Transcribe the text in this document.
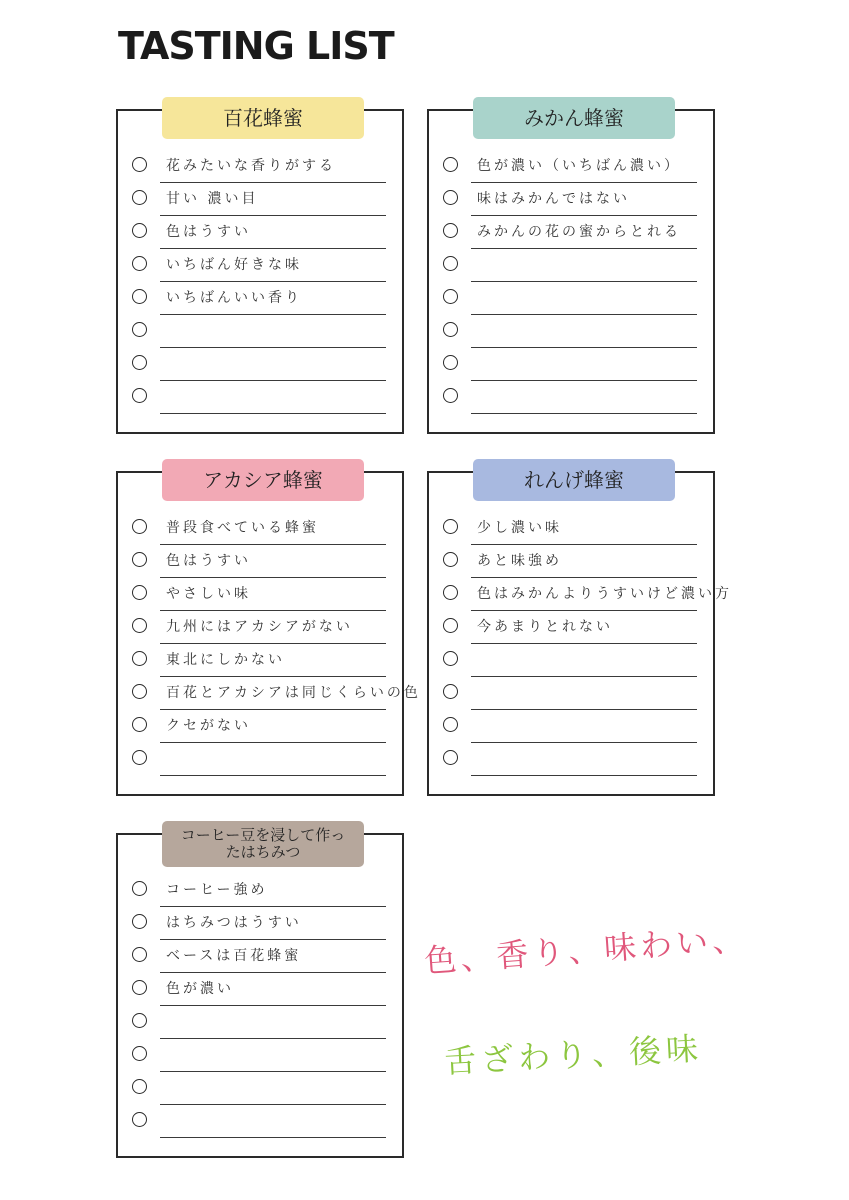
TASTING LIST
百花蜂蜜
花みたいな香りがする
甘い 濃い目
色はうすい
いちばん好きな味
いちばんいい香り
みかん蜂蜜
色が濃い（いちばん濃い）
味はみかんではない
みかんの花の蜜からとれる
アカシア蜂蜜
普段食べている蜂蜜
色はうすい
やさしい味
九州にはアカシアがない
東北にしかない
百花とアカシアは同じくらいの色
クセがない
れんげ蜂蜜
少し濃い味
あと味強め
色はみかんよりうすいけど濃い方
今あまりとれない
コーヒー豆を浸して作ったはちみつ
コーヒー強め
はちみつはうすい
ベースは百花蜂蜜
色が濃い
色、香り、味わい、
舌ざわり、後味
